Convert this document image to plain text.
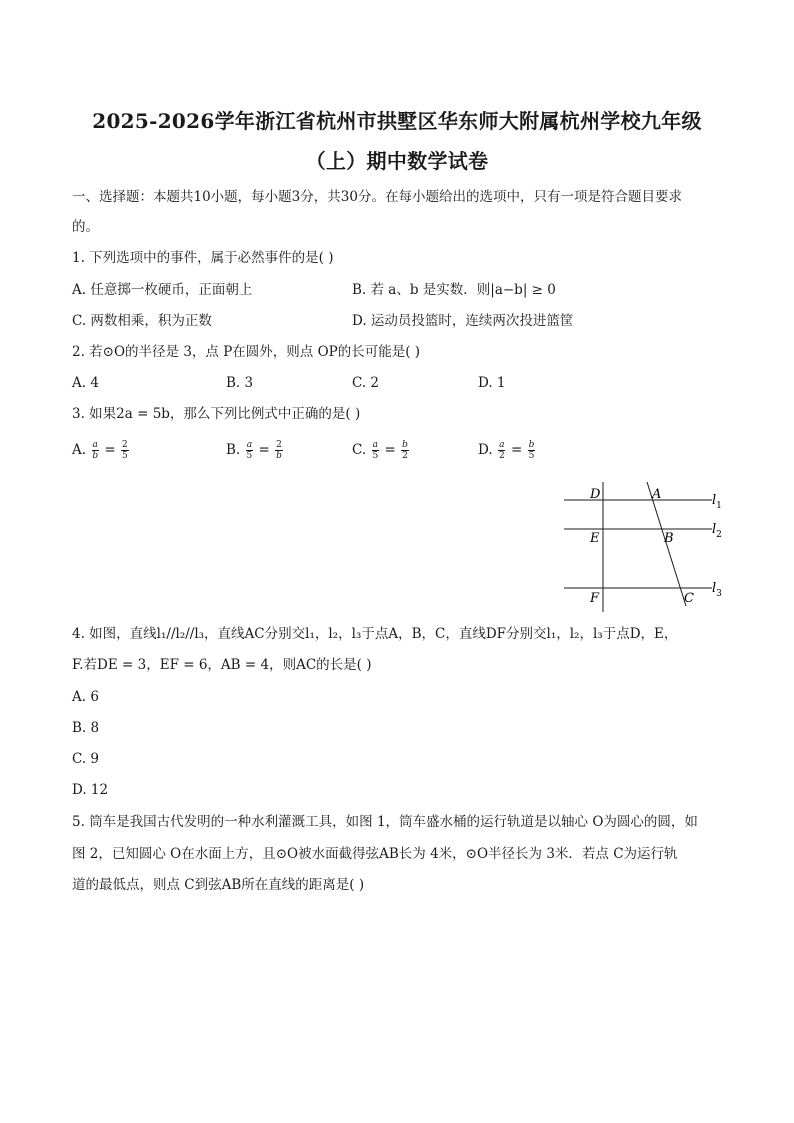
2025-2026学年浙江省杭州市拱墅区华东师大附属杭州学校九年级
（上）期中数学试卷
一、选择题：本题共10小题，每小题3分，共30分。在每小题给出的选项中，只有一项是符合题目要求
的。
1. 下列选项中的事件，属于必然事件的是( )
A. 任意掷一枚硬币，正面朝上	B. 若 a、b 是实数．则|a−b| ≥ 0
C. 两数相乘，积为正数	D. 运动员投篮时，连续两次投进篮筐
2. 若⊙O的半径是 3，点 P在圆外，则点 OP的长可能是( )
A. 4	B. 3	C. 2	D. 1
3. 如果2a = 5b，那么下列比例式中正确的是( )
A. $\frac{a}{b} = \frac{2}{5}$	B. $\frac{a}{5} = \frac{2}{b}$	C. $\frac{a}{5} = \frac{b}{2}$	D. $\frac{a}{2} = \frac{b}{5}$
D	A
E	B
F	C
$l_1$
$l_2$
$l_3$
4. 如图，直线l₁//l₂//l₃，直线AC分别交l₁，l₂，l₃于点A，B，C，直线DF分别交l₁，l₂，l₃于点D，E，
F.若DE = 3，EF = 6，AB = 4，则AC的长是( )
A. 6
B. 8
C. 9
D. 12
5. 筒车是我国古代发明的一种水利灌溉工具，如图 1，筒车盛水桶的运行轨道是以轴心 O为圆心的圆，如
图 2，已知圆心 O在水面上方，且⊙O被水面截得弦AB长为 4米，⊙O半径长为 3米．若点 C为运行轨
道的最低点，则点 C到弦AB所在直线的距离是( )
